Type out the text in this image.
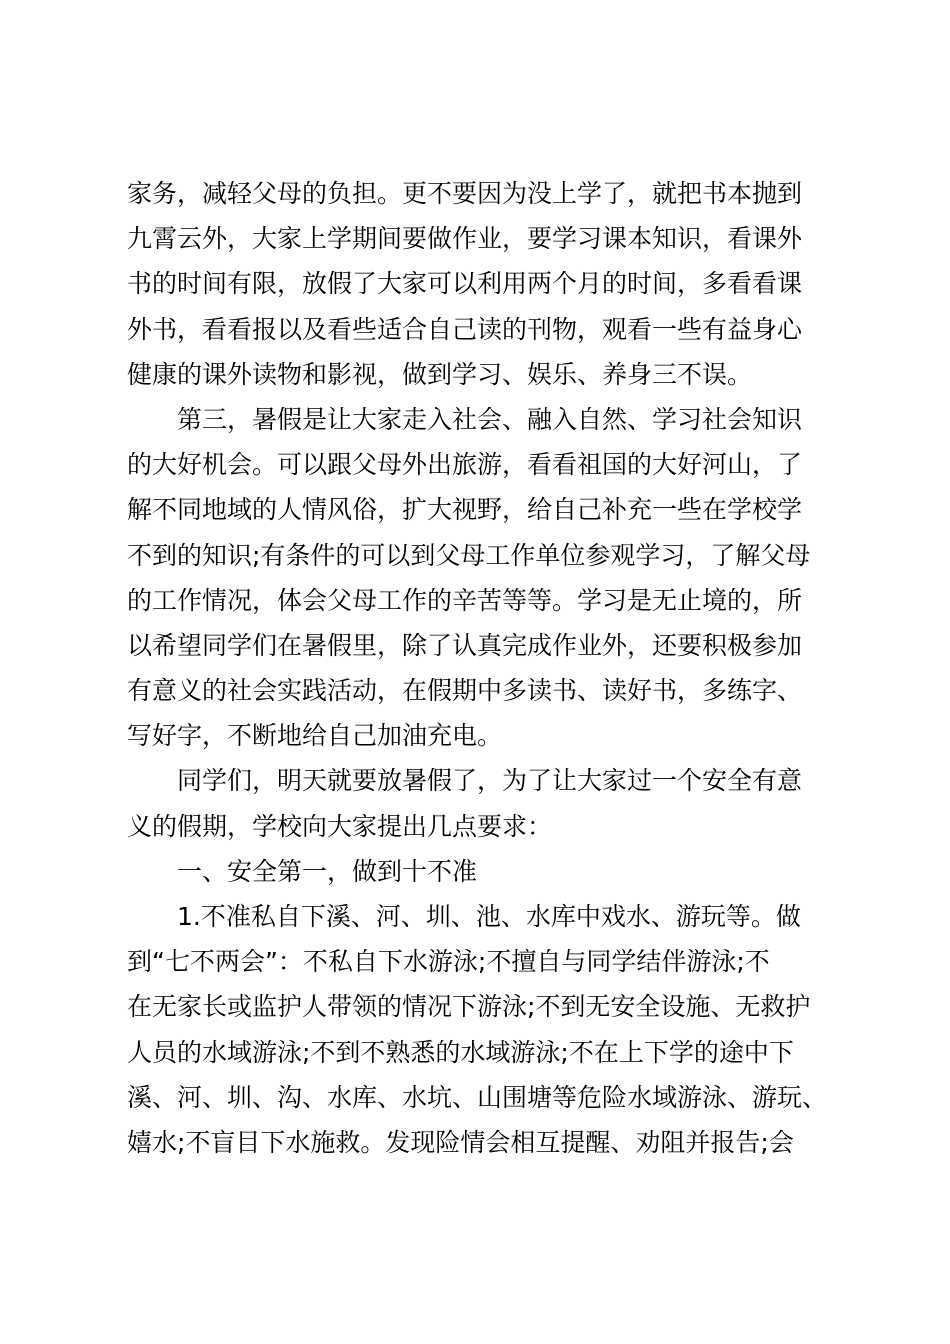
家务，减轻父母的负担。更不要因为没上学了，就把书本抛到
九霄云外，大家上学期间要做作业，要学习课本知识，看课外
书的时间有限，放假了大家可以利用两个月的时间，多看看课
外书，看看报以及看些适合自己读的刊物，观看一些有益身心
健康的课外读物和影视，做到学习、娱乐、养身三不误。
第三，暑假是让大家走入社会、融入自然、学习社会知识
的大好机会。可以跟父母外出旅游，看看祖国的大好河山，了
解不同地域的人情风俗，扩大视野，给自己补充一些在学校学
不到的知识;有条件的可以到父母工作单位参观学习，了解父母
的工作情况，体会父母工作的辛苦等等。学习是无止境的，所
以希望同学们在暑假里，除了认真完成作业外，还要积极参加
有意义的社会实践活动，在假期中多读书、读好书，多练字、
写好字，不断地给自己加油充电。
同学们，明天就要放暑假了，为了让大家过一个安全有意
义的假期，学校向大家提出几点要求：
一、安全第一，做到十不准
1.不准私自下溪、河、圳、池、水库中戏水、游玩等。做
到“七不两会”：不私自下水游泳;不擅自与同学结伴游泳;不
在无家长或监护人带领的情况下游泳;不到无安全设施、无救护
人员的水域游泳;不到不熟悉的水域游泳;不在上下学的途中下
溪、河、圳、沟、水库、水坑、山围塘等危险水域游泳、游玩、
嬉水;不盲目下水施救。发现险情会相互提醒、劝阻并报告;会
